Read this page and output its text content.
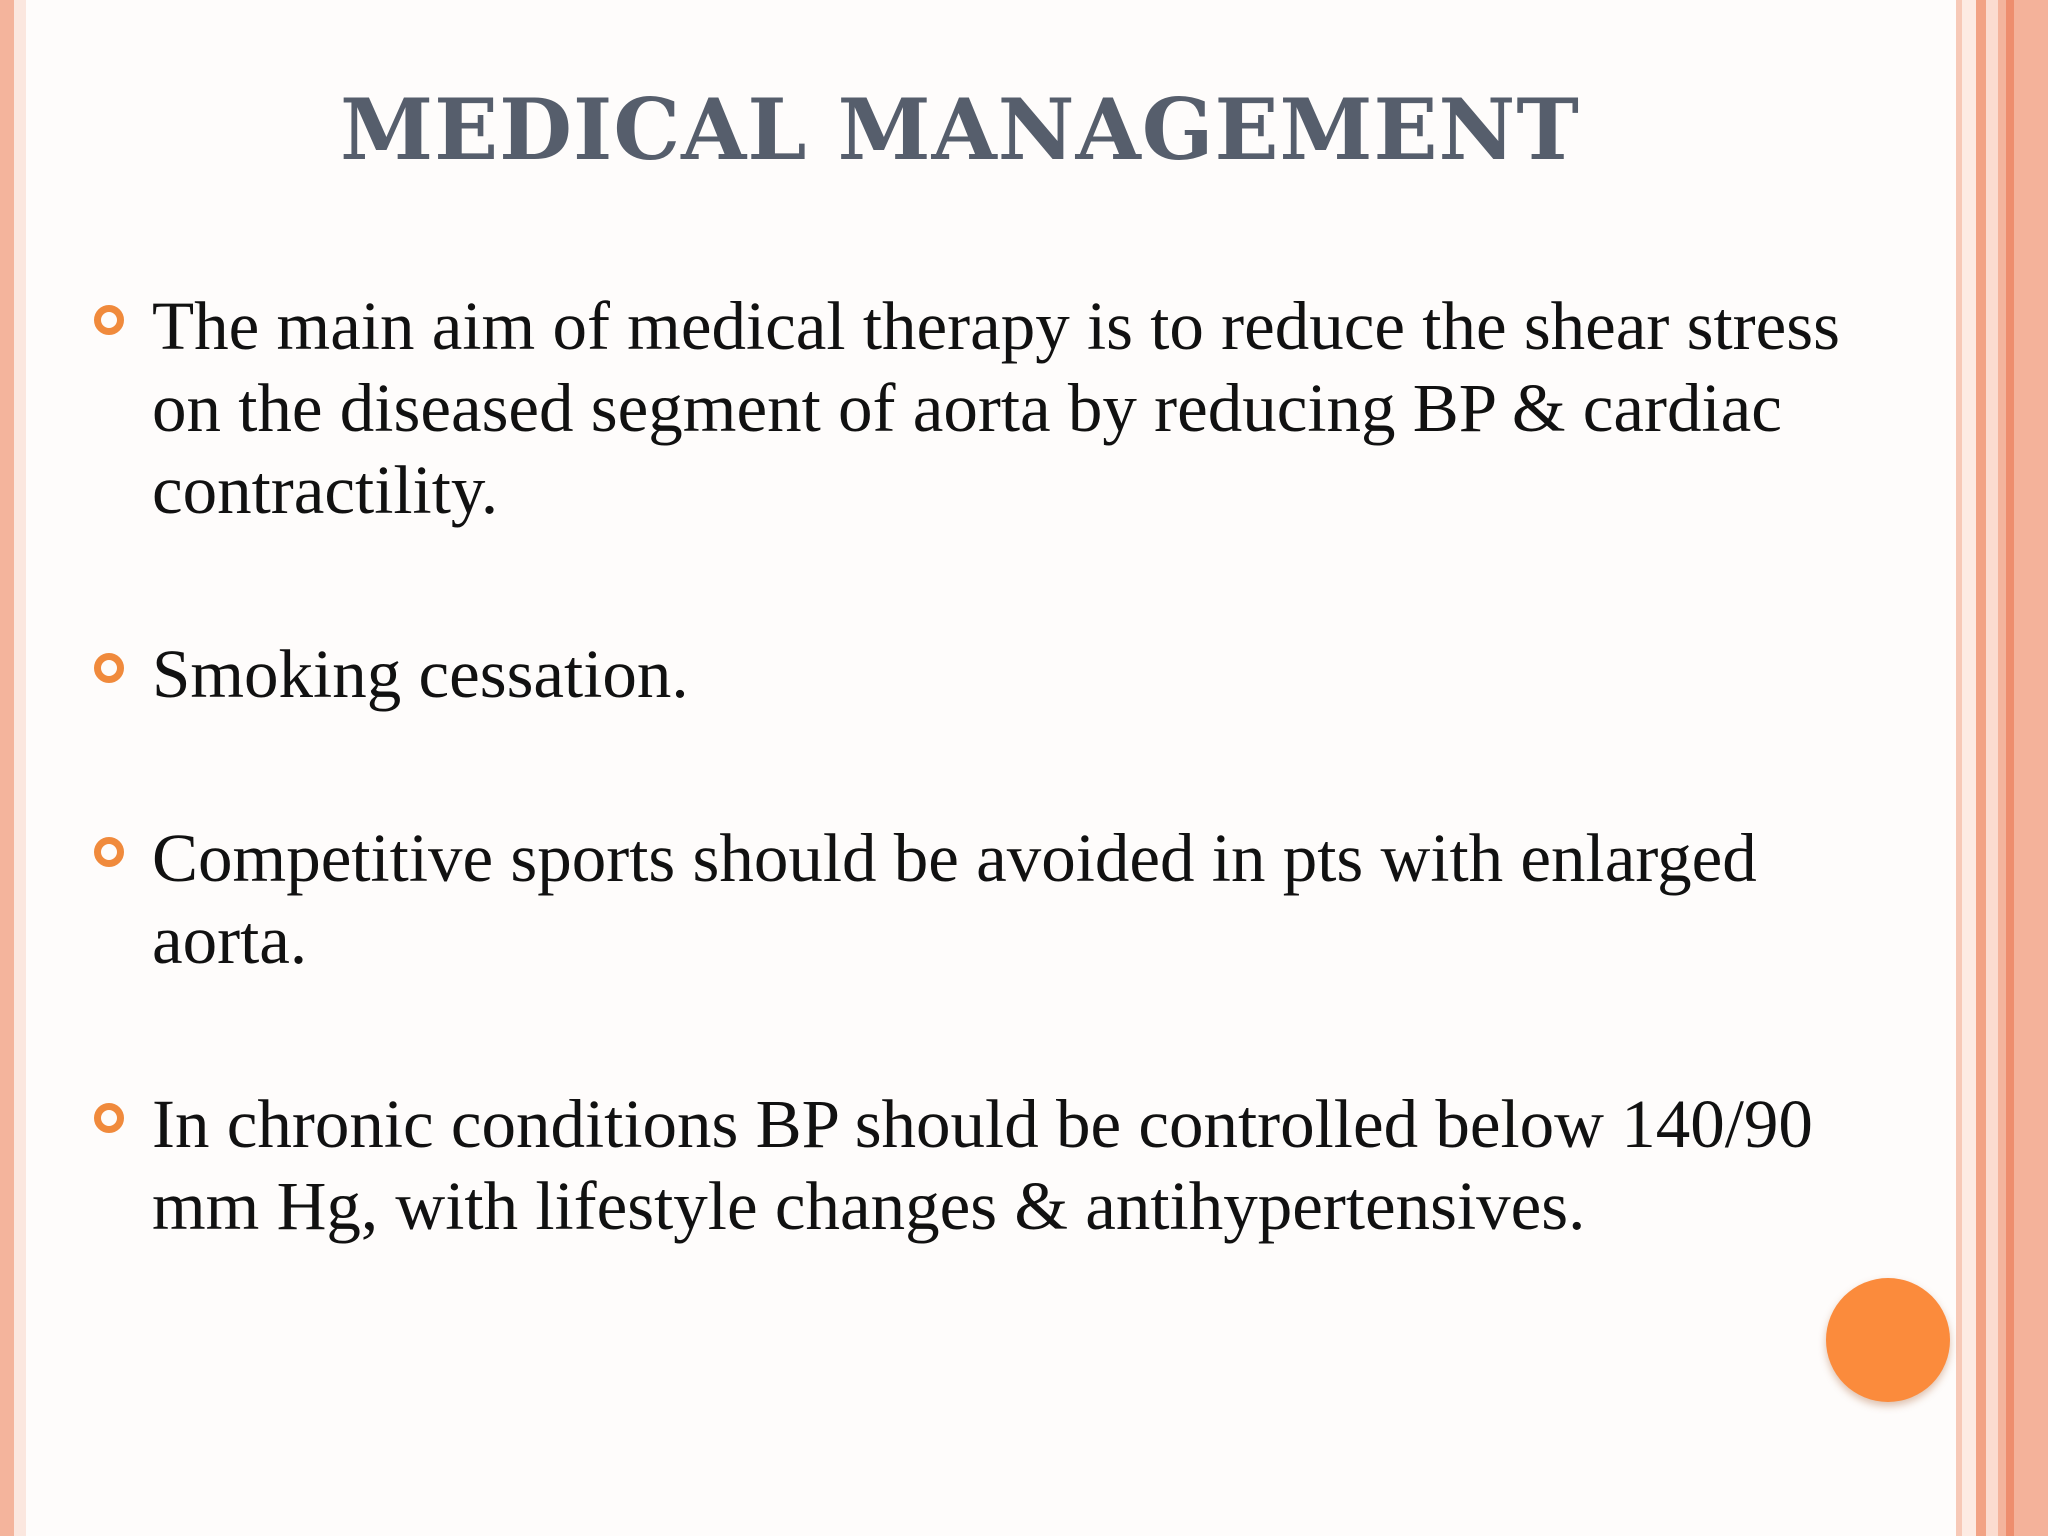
MEDICAL MANAGEMENT
The main aim of medical therapy is to reduce the shear stress on the diseased segment of aorta by reducing BP & cardiac contractility.
Smoking cessation.
Competitive sports should be avoided in pts with enlarged aorta.
In chronic conditions BP should be controlled below 140/90 mm Hg, with lifestyle changes & antihypertensives.
